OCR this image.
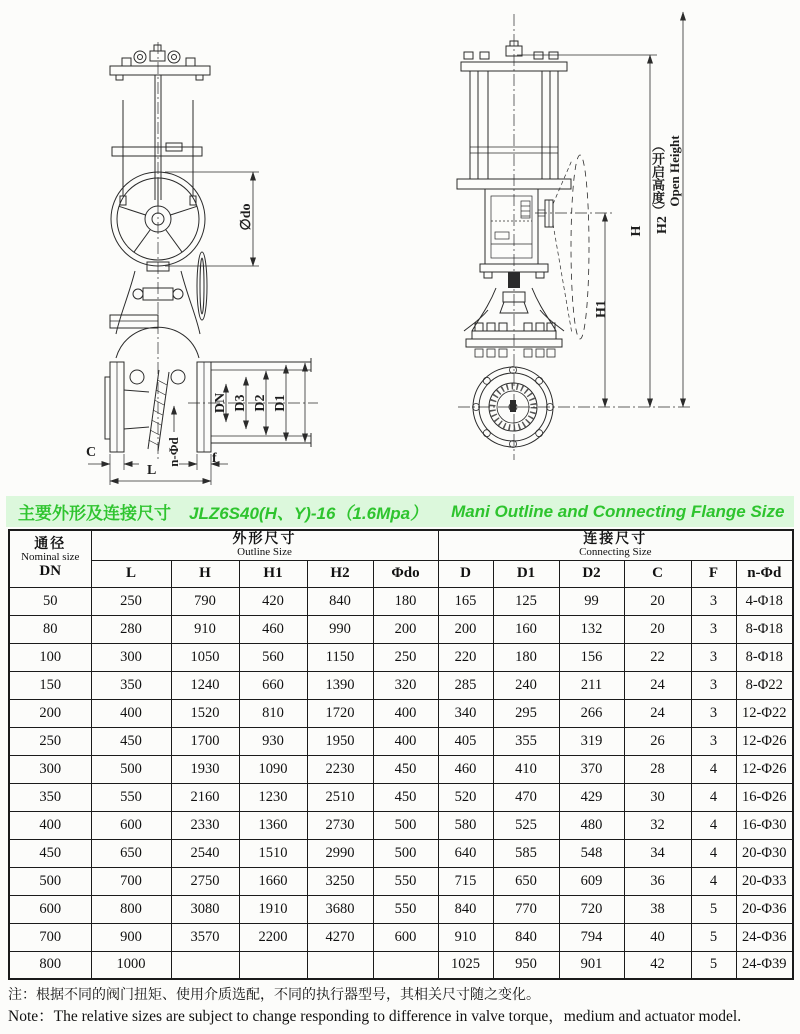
∅do
DN D3 D2 D1
n-Φd
C
L
f
H
H1
H2
（开启高度） Open Height
主要外形及连接尺寸 JLZ6S40(H、Y)-16（1.6Mpa） Mani Outline and Connecting Flange Size
通径
Nominal size
DN

外形尺寸
Outline Size

连接尺寸
Connecting Size

	L	H	H1	H2	Φdo	D	D1	D2	C	F	n-Φd
50	250	790	420	840	180	165	125	99	20	3	4-Φ18
80	280	910	460	990	200	200	160	132	20	3	8-Φ18
100	300	1050	560	1150	250	220	180	156	22	3	8-Φ18
150	350	1240	660	1390	320	285	240	211	24	3	8-Φ22
200	400	1520	810	1720	400	340	295	266	24	3	12-Φ22
250	450	1700	930	1950	400	405	355	319	26	3	12-Φ26
300	500	1930	1090	2230	450	460	410	370	28	4	12-Φ26
350	550	2160	1230	2510	450	520	470	429	30	4	16-Φ26
400	600	2330	1360	2730	500	580	525	480	32	4	16-Φ30
450	650	2540	1510	2990	500	640	585	548	34	4	20-Φ30
500	700	2750	1660	3250	550	715	650	609	36	4	20-Φ33
600	800	3080	1910	3680	550	840	770	720	38	5	20-Φ36
700	900	3570	2200	4270	600	910	840	794	40	5	24-Φ36
800	1000					1025	950	901	42	5	24-Φ39
注：根据不同的阀门扭矩、使用介质选配，不同的执行器型号，其相关尺寸随之变化。
Note：The relative sizes are subject to change responding to difference in valve torque，medium and actuator model.
